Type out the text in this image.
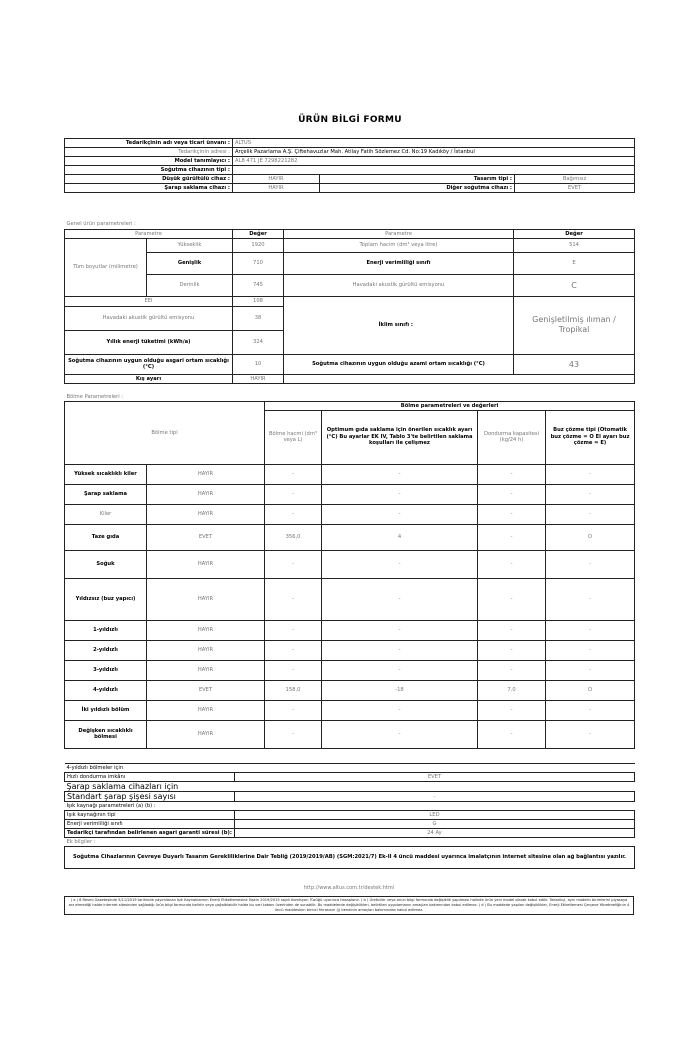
ÜRÜN BİLGİ FORMU
Tedarikçinin adı veya ticari ünvanı :	ALTUS		
Tedarikçinin adresi :	Arçelik Pazarlama A.Ş. Çiftehavuzlar Mah. Atilay Fatih Sözlemez Cd. No:19 Kadıköy / İstanbul		
Model tanımlayıcı :	AL8 471 JE 7298221282		
Soğutma cihazının tipi :			
Düşük gürültülü cihaz :	HAYIR	Tasarım tipi :	Bağımsız
Şarap saklama cihazı :	HAYIR	Diğer soğutma cihazı :	EVET
Genel ürün parametreleri :				
Parametre		Değer	Parametre	Değer
Tüm boyutlar (milimetre)	Yükseklik	1920	Toplam hacim (dm³ veya litre)	514
	Genişlik	710	Enerji verimliliği sınıfı	E
	Derinlik	745	Havadaki akustik gürültü emisyonu	C
EEI		108	İklim sınıfı :	Genişletilmiş ılıman / Tropikal
Havadaki akustik gürültü emisyonu		38		
Yıllık enerji tüketimi (kWh/a)		324		
Soğutma cihazının uygun olduğu asgari ortam sıcaklığı (°C)		10	Soğutma cihazının uygun olduğu azami ortam sıcaklığı (°C)	43
Kış ayarı		HAYIR		
Bölme Parametreleri :					
Bölme tipi		Bölme parametreleri ve değerleri			
		Bölme hacmi (dm³ veya L)	Optimum gıda saklama için önerilen sıcaklık ayarı (°C) Bu ayarlar EK IV, Tablo 3'te belirtilen saklama koşulları ile çelişmez	Dondurma kapasitesi (kg/24 h)	Buz çözme tipi (Otomatik buz çözme = O El ayarı buz çözme = E)
Yüksek sıcaklıklı kiler	HAYIR	-	-	-	-
Şarap saklama	HAYIR	-	-	-	-
Kiler	HAYIR	-	-	-	-
Taze gıda	EVET	356,0	4	-	O
Soğuk	HAYIR	-	-	-	-
Yıldızsız (buz yapıcı)	HAYIR	-	-	-	-
1-yıldızlı	HAYIR	-	-	-	-
2-yıldızlı	HAYIR	-	-	-	-
3-yıldızlı	HAYIR	-	-	-	-
4-yıldızlı	EVET	158,0	-18	7,0	O
İki yıldızlı bölüm	HAYIR	-	-	-	-
Değişken sıcaklıklı bölmesi	HAYIR	-	-	-	-
4-yıldızlı bölmeler için	
Hızlı dondurma imkânı	EVET
Şarap saklama cihazları için	
Standart şarap şişesi sayısı	-
Işık kaynağı parametreleri (a) (b) :	
Işık kaynağının tipi	LED
Enerji verimliliği sınıfı	G
Tedarikçi tarafından belirlenen asgari garanti süresi (b):	24 Ay
Ek bilgiler :	
Soğutma Cihazlarının Çevreye Duyarlı Tasarım Gerekliliklerine Dair Tebliğ (2019/2019/AB) (SGM:2021/7) Ek-II 4 üncü maddesi uyarınca imalatçının internet sitesine olan ağ bağlantısı yazılır.	
http://www.altus.com.tr/destek.html
( a ) 6 Resmi Gazetesinde 5/11/2019 tarihinde yayımlanan Işık Kaynaklarının Enerji Etiketlemesine İlişkin 2019/2015 sayılı Komisyon Tüzüğü uyarınca hesaplanır. ( b ) Üreticiler veya onun bilgi formunda değişiklik yapılması halinde ürün yeni model olarak kabul edilir. Tedarikçi, aynı modelin birimlerini piyasaya arz etmediği halde internet sitesinden sağladığı ürün bilgi formunda belirtir veya çoğaltılabilir halde bu veri tabanı üzerinden de sunabilir. Bu maddelerde değişiklikleri, belirtilen uygulamanın amaçları bakımından kabul edilmez. ( d ) Bu maddede yapılan değişiklikler, Enerji Etiketlemesi Çerçeve Yönetmeliğinin 4 üncü maddesinin birinci fıkrasının (j) bendinin amaçları bakımından kabul edilmez.
